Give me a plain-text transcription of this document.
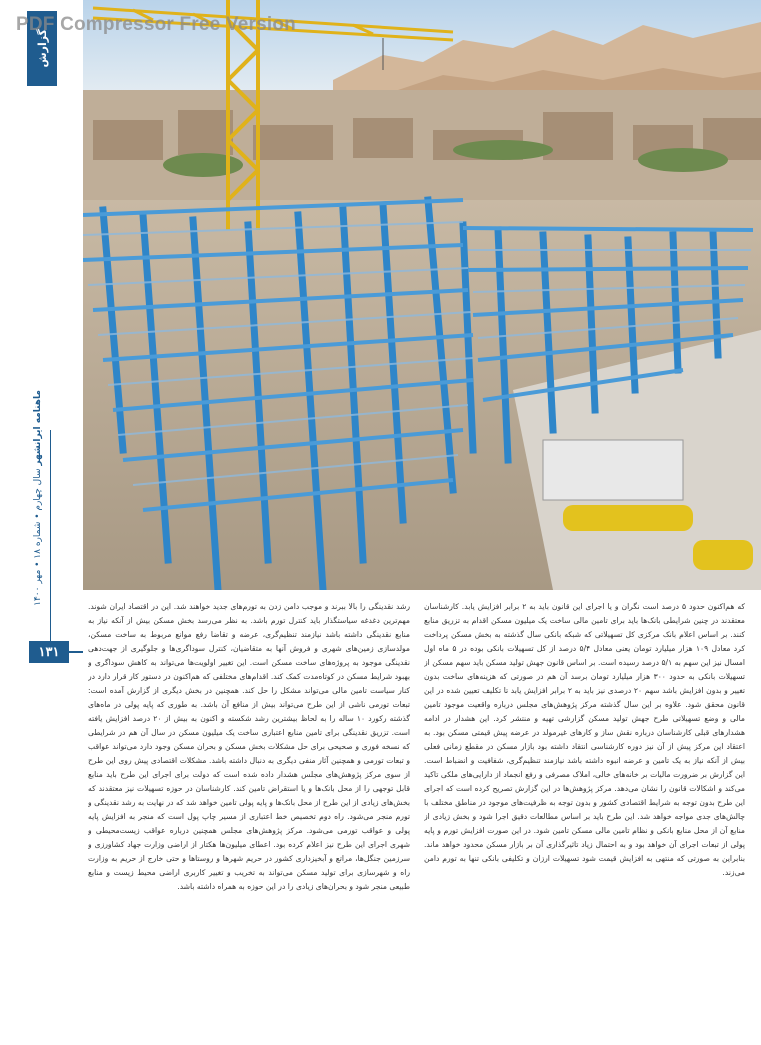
PDF Compressor Free Version
گزارش
ماهنامه ایرانشهر سال چهارم • شماره ۱۸ • مهر ۱۴۰۰
۱۳۱
که هم‌اکنون حدود ۵ درصد است نگران و یا اجرای این قانون باید به ۲ برابر افزایش یابد. کارشناسان معتقدند در چنین شرایطی بانک‌ها باید برای تامین مالی ساخت یک میلیون مسکن اقدام به تزریق منابع کنند. بر اساس اعلام بانک مرکزی کل تسهیلاتی که شبکه بانکی سال گذشته به بخش مسکن پرداخت کرد معادل ۱۰۹ هزار میلیارد تومان یعنی معادل ۵/۴ درصد از کل تسهیلات بانکی بوده در ۵ ماه اول امسال نیز این سهم به ۵/۱ درصد رسیده است. بر اساس قانون جهش تولید مسکن باید سهم مسکن از تسهیلات بانکی به حدود ۳۰۰ هزار میلیارد تومان برسد آن هم در صورتی که هزینه‌های ساخت بدون تغییر و بدون افزایش باشد سهم ۲۰ درصدی نیز باید به ۲ برابر افزایش یابد تا تکلیف تعیین شده در این قانون محقق شود. علاوه بر این سال گذشته مرکز پژوهش‌های مجلس درباره واقعیت موجود تامین مالی و وضع تسهیلاتی طرح جهش تولید مسکن گزارشی تهیه و منتشر کرد. این هشدار در ادامه هشدارهای قبلی کارشناسان درباره نقش ساز و کارهای غیرمولد در عرضه پیش قیمتی مسکن بود. به اعتقاد این مرکز پیش از آن نیز دوره کارشناسی انتقاد داشته بود بازار مسکن در مقطع زمانی فعلی بیش از آنکه نیاز به یک تامین و عرضه انبوه داشته باشد نیازمند تنظیم‌گری، شفافیت و انضباط است. این گزارش بر ضرورت مالیات بر خانه‌های خالی، املاک مصرفی و رفع انجماد از دارایی‌های ملکی تاکید می‌کند و اشکالات قانون را نشان می‌دهد. مرکز پژوهش‌ها در این گزارش تصریح کرده است که اجرای این طرح بدون توجه به شرایط اقتصادی کشور و بدون توجه به ظرفیت‌های موجود در مناطق مختلف با چالش‌های جدی مواجه خواهد شد. این طرح باید بر اساس مطالعات دقیق اجرا شود و بخش زیادی از منابع آن از محل منابع بانکی و نظام تامین مالی مسکن تامین شود. در این صورت افزایش تورم و پایه پولی از تبعات اجرای آن خواهد بود و به احتمال زیاد تاثیرگذاری آن بر بازار مسکن محدود خواهد ماند. بنابراین به صورتی که منتهی به افزایش قیمت شود تسهیلات ارزان و تکلیفی بانکی تنها به تورم دامن می‌زند.
رشد نقدینگی را بالا ببرند و موجب دامن زدن به تورم‌های جدید خواهند شد. این در اقتصاد ایران شوند. مهم‌ترین دغدغه سیاستگذار باید کنترل تورم باشد. به نظر می‌رسد بخش مسکن بیش از آنکه نیاز به منابع نقدینگی داشته باشد نیازمند تنظیم‌گری، عرضه و تقاضا رفع موانع مربوط به ساخت مسکن، مولدسازی زمین‌های شهری و فروش آنها به متقاضیان، کنترل سوداگری‌ها و جلوگیری از جهت‌دهی نقدینگی موجود به پروژه‌های ساخت مسکن است. این تغییر اولویت‌ها می‌تواند به کاهش سوداگری و بهبود شرایط مسکن در کوتاه‌مدت کمک کند. اقدام‌های مختلفی که هم‌اکنون در دستور کار قرار دارد در کنار سیاست تامین مالی می‌تواند مشکل را حل کند. همچنین در بخش دیگری از گزارش آمده است: تبعات تورمی ناشی از این طرح می‌تواند بیش از منافع آن باشد. به طوری که پایه پولی در ماه‌های گذشته رکورد ۱۰ ساله را به لحاظ بیشترین رشد شکسته و اکنون به بیش از ۲۰ درصد افزایش یافته است. تزریق نقدینگی برای تامین منابع اعتباری ساخت یک میلیون مسکن در سال آن هم در شرایطی که نسخه فوری و صحیحی برای حل مشکلات بخش مسکن و بحران مسکن وجود دارد می‌تواند عواقب و تبعات تورمی و همچنین آثار منفی دیگری به دنبال داشته باشد. مشکلات اقتصادی پیش روی این طرح از سوی مرکز پژوهش‌های مجلس هشدار داده شده است که دولت برای اجرای این طرح باید منابع قابل توجهی را از محل بانک‌ها و یا استقراض تامین کند. کارشناسان در حوزه تسهیلات نیز معتقدند که بخش‌های زیادی از این طرح از محل بانک‌ها و پایه پولی تامین خواهد شد که در نهایت به رشد نقدینگی و تورم منجر می‌شود. راه دوم تخصیص خط اعتباری از مسیر چاپ پول است که منجر به افزایش پایه پولی و عواقب تورمی می‌شود. مرکز پژوهش‌های مجلس همچنین درباره عواقب زیست‌محیطی و شهری اجرای این طرح نیز اعلام کرده بود. اعطای میلیون‌ها هکتار از اراضی وزارت جهاد کشاورزی و سرزمین جنگل‌ها، مراتع و آبخیزداری کشور در حریم شهرها و روستاها و حتی خارج از حریم به وزارت راه و شهرسازی برای تولید مسکن می‌تواند به تخریب و تغییر کاربری اراضی محیط زیست و منابع طبیعی منجر شود و بحران‌های زیادی را در این حوزه به همراه داشته باشد.
